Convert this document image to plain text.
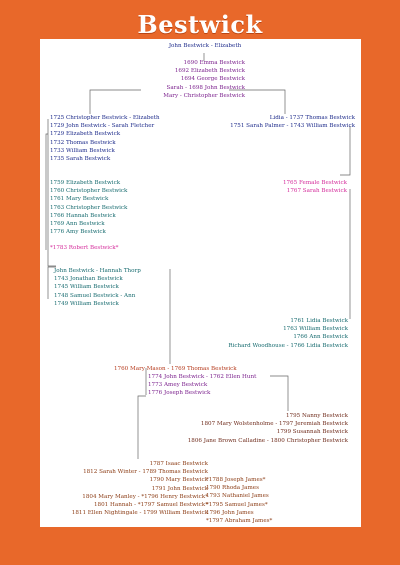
Bestwick
John Bestwick - Elizabeth
1690 Emma Bestwick
1692 Elizabeth Bestwick
1694 George Bestwick
Sarah - 1698 John Bestwick
Mary - Christopher Bestwick
1725 Christopher Bestwick - Elizabeth
1729 John Bestwick - Sarah Fletcher
1729 Elizabeth Bestwick
1732 Thomas Bestwick
1733 William Bestwick
1735 Sarah Bestwick
Lidia - 1737 Thomas Bestwick
1751 Sarah Palmer - 1743 William Bestwick
1759 Elizabeth Bestwick
1760 Christopher Bestwick
1761 Mary Bestwick
1763 Christopher Bestwick
1766 Hannah Bestwick
1769 Ann Bestwick
1776 Amy Bestwick
*1783 Robert Bestwick*
1765 Female Bestwick
1767 Sarah Bestwick
John Bestwick - Hannah Thorp
1743 Jonathan Bestwick
1745 William Bestwick
1748 Samuel Bestwick - Ann
1749 William Bestwick
1761 Lidia Bestwick
1763 William Bestwick
1766 Ann Bestwick
Richard Woodhouse - 1766 Lidia Bestwick
1760 Mary Mason - 1769 Thomas Bestwick
1774 John Bestwick - 1762 Ellen Hunt
1773 Amey Bestwick
1776 Joseph Bestwick
1795 Nanny Bestwick
1807 Mary Wolstenholme - 1797 Jeremiah Bestwick
1799 Susannah Bestwick
1806 Jane Brown Calladine - 1800 Christopher Bestwick
1787 Isaac Bestwick
1812 Sarah Winter - 1789 Thomas Bestwick
1790 Mary Bestwick
1791 John Bestwick
1804 Mary Manley - *1796 Henry Bestwick*
1801 Hannah - *1797 Samuel Bestwick*
1811 Ellen Nightingale - 1799 William Bestwick
*1788 Joseph James*
1790 Rhoda James
1793 Nathaniel James
*1795 Samuel James*
1796 John James
*1797 Abraham James*
